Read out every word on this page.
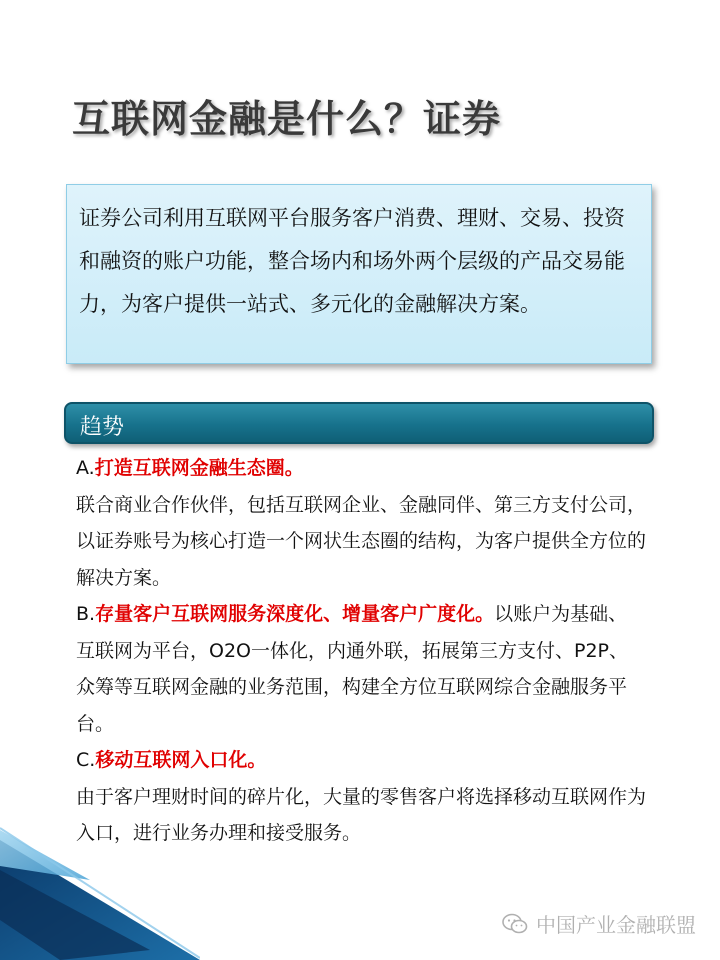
互联网金融是什么？证券

证券公司利用互联网平台服务客户消费、理财、交易、投资和融资的账户功能，整合场内和场外两个层级的产品交易能力，为客户提供一站式、多元化的金融解决方案。

趋势

A.打造互联网金融生态圈。

联合商业合作伙伴，包括互联网企业、金融同伴、第三方支付公司，以证券账号为核心打造一个网状生态圈的结构，为客户提供全方位的解决方案。

B.存量客户互联网服务深度化、增量客户广度化。以账户为基础、互联网为平台，O2O一体化，内通外联，拓展第三方支付、P2P、众筹等互联网金融的业务范围，构建全方位互联网综合金融服务平台。

C.移动互联网入口化。

由于客户理财时间的碎片化，大量的零售客户将选择移动互联网作为入口，进行业务办理和接受服务。

中国产业金融联盟
